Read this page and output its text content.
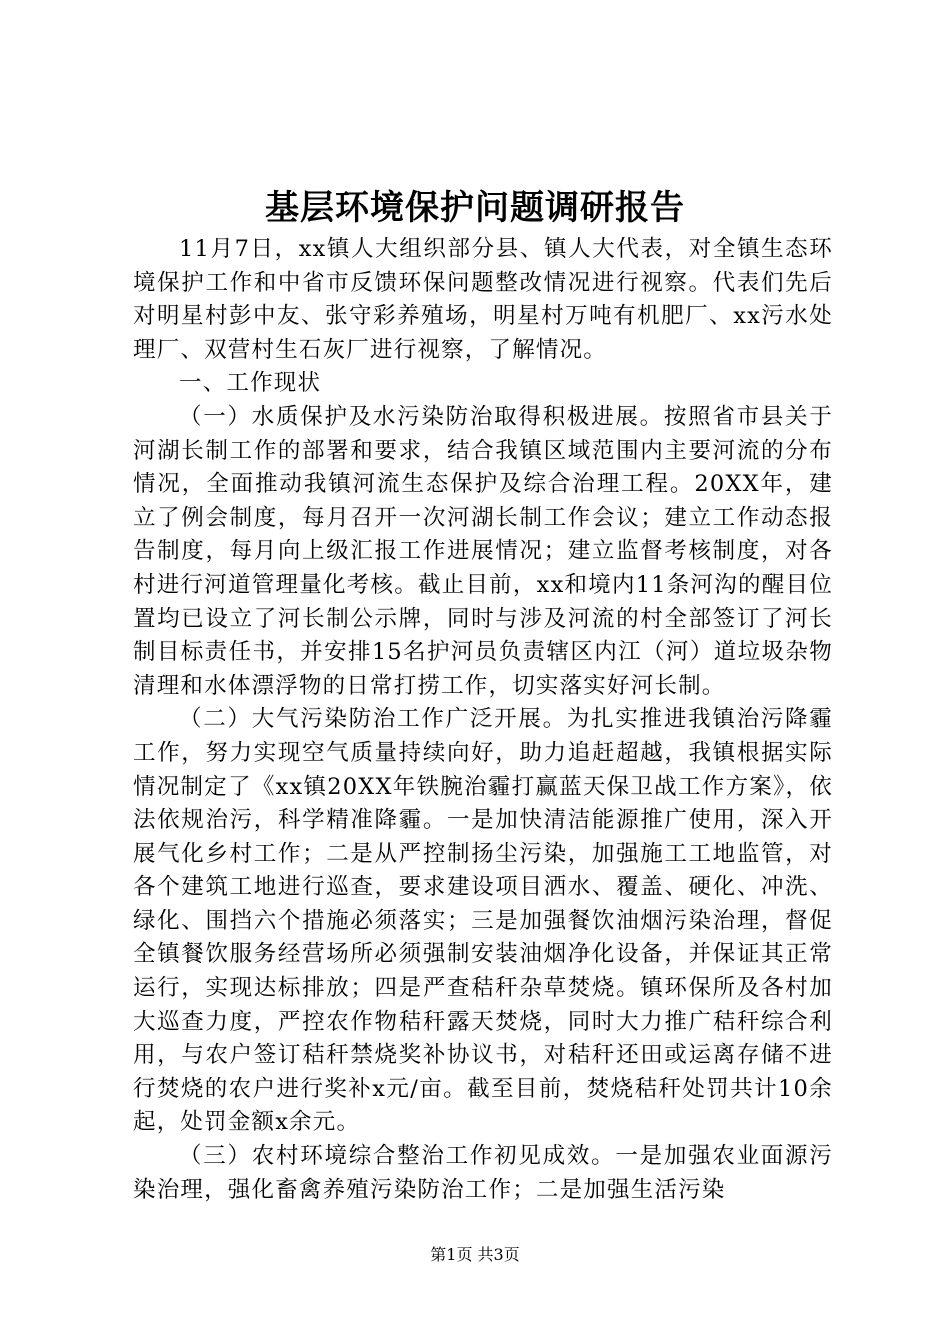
基层环境保护问题调研报告

11月7日，xx镇人大组织部分县、镇人大代表，对全镇生态环境保护工作和中省市反馈环保问题整改情况进行视察。代表们先后对明星村彭中友、张守彩养殖场，明星村万吨有机肥厂、xx污水处理厂、双营村生石灰厂进行视察，了解情况。

一、工作现状

（一）水质保护及水污染防治取得积极进展。按照省市县关于河湖长制工作的部署和要求，结合我镇区域范围内主要河流的分布情况，全面推动我镇河流生态保护及综合治理工程。20XX年，建立了例会制度，每月召开一次河湖长制工作会议；建立工作动态报告制度，每月向上级汇报工作进展情况；建立监督考核制度，对各村进行河道管理量化考核。截止目前，xx和境内11条河沟的醒目位置均已设立了河长制公示牌，同时与涉及河流的村全部签订了河长制目标责任书，并安排15名护河员负责辖区内江（河）道垃圾杂物清理和水体漂浮物的日常打捞工作，切实落实好河长制。

（二）大气污染防治工作广泛开展。为扎实推进我镇治污降霾工作，努力实现空气质量持续向好，助力追赶超越，我镇根据实际情况制定了《xx镇20XX年铁腕治霾打赢蓝天保卫战工作方案》，依法依规治污，科学精准降霾。一是加快清洁能源推广使用，深入开展气化乡村工作；二是从严控制扬尘污染，加强施工工地监管，对各个建筑工地进行巡查，要求建设项目洒水、覆盖、硬化、冲洗、绿化、围挡六个措施必须落实；三是加强餐饮油烟污染治理，督促全镇餐饮服务经营场所必须强制安装油烟净化设备，并保证其正常运行，实现达标排放；四是严查秸秆杂草焚烧。镇环保所及各村加大巡查力度，严控农作物秸秆露天焚烧，同时大力推广秸秆综合利用，与农户签订秸秆禁烧奖补协议书，对秸秆还田或运离存储不进行焚烧的农户进行奖补x元/亩。截至目前，焚烧秸秆处罚共计10余起，处罚金额x余元。

（三）农村环境综合整治工作初见成效。一是加强农业面源污染治理，强化畜禽养殖污染防治工作；二是加强生活污染

第1页 共3页
